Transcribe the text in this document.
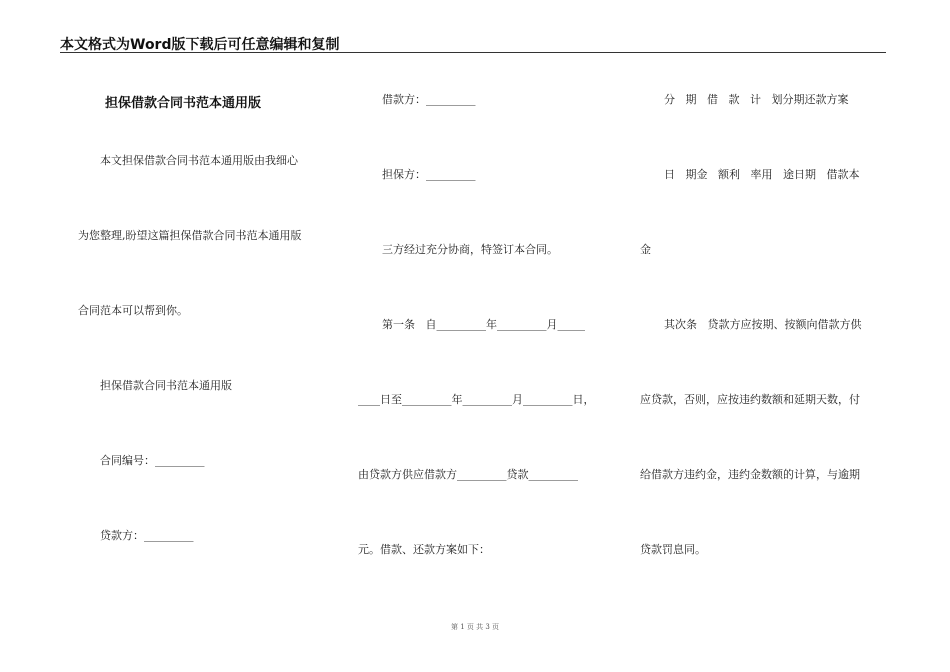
本文格式为Word版下载后可任意编辑和复制
担保借款合同书范本通用版
本文担保借款合同书范本通用版由我细心
为您整理,盼望这篇担保借款合同书范本通用版
合同范本可以帮到你。
担保借款合同书范本通用版
合同编号：_________
贷款方：_________
借款方：_________
担保方：_________
三方经过充分协商，特签订本合同。
第一条   自_________年_________月_____
____日至_________年_________月_________日，
由贷款方供应借款方_________贷款_________
元。借款、还款方案如下：
分   期   借   款   计   划分期还款方案
日   期金   额利   率用   途日期   借款本
金
其次条   贷款方应按期、按额向借款方供
应贷款，否则，应按违约数额和延期天数，付
给借款方违约金，违约金数额的计算，与逾期
贷款罚息同。
第 1 页 共 3 页
